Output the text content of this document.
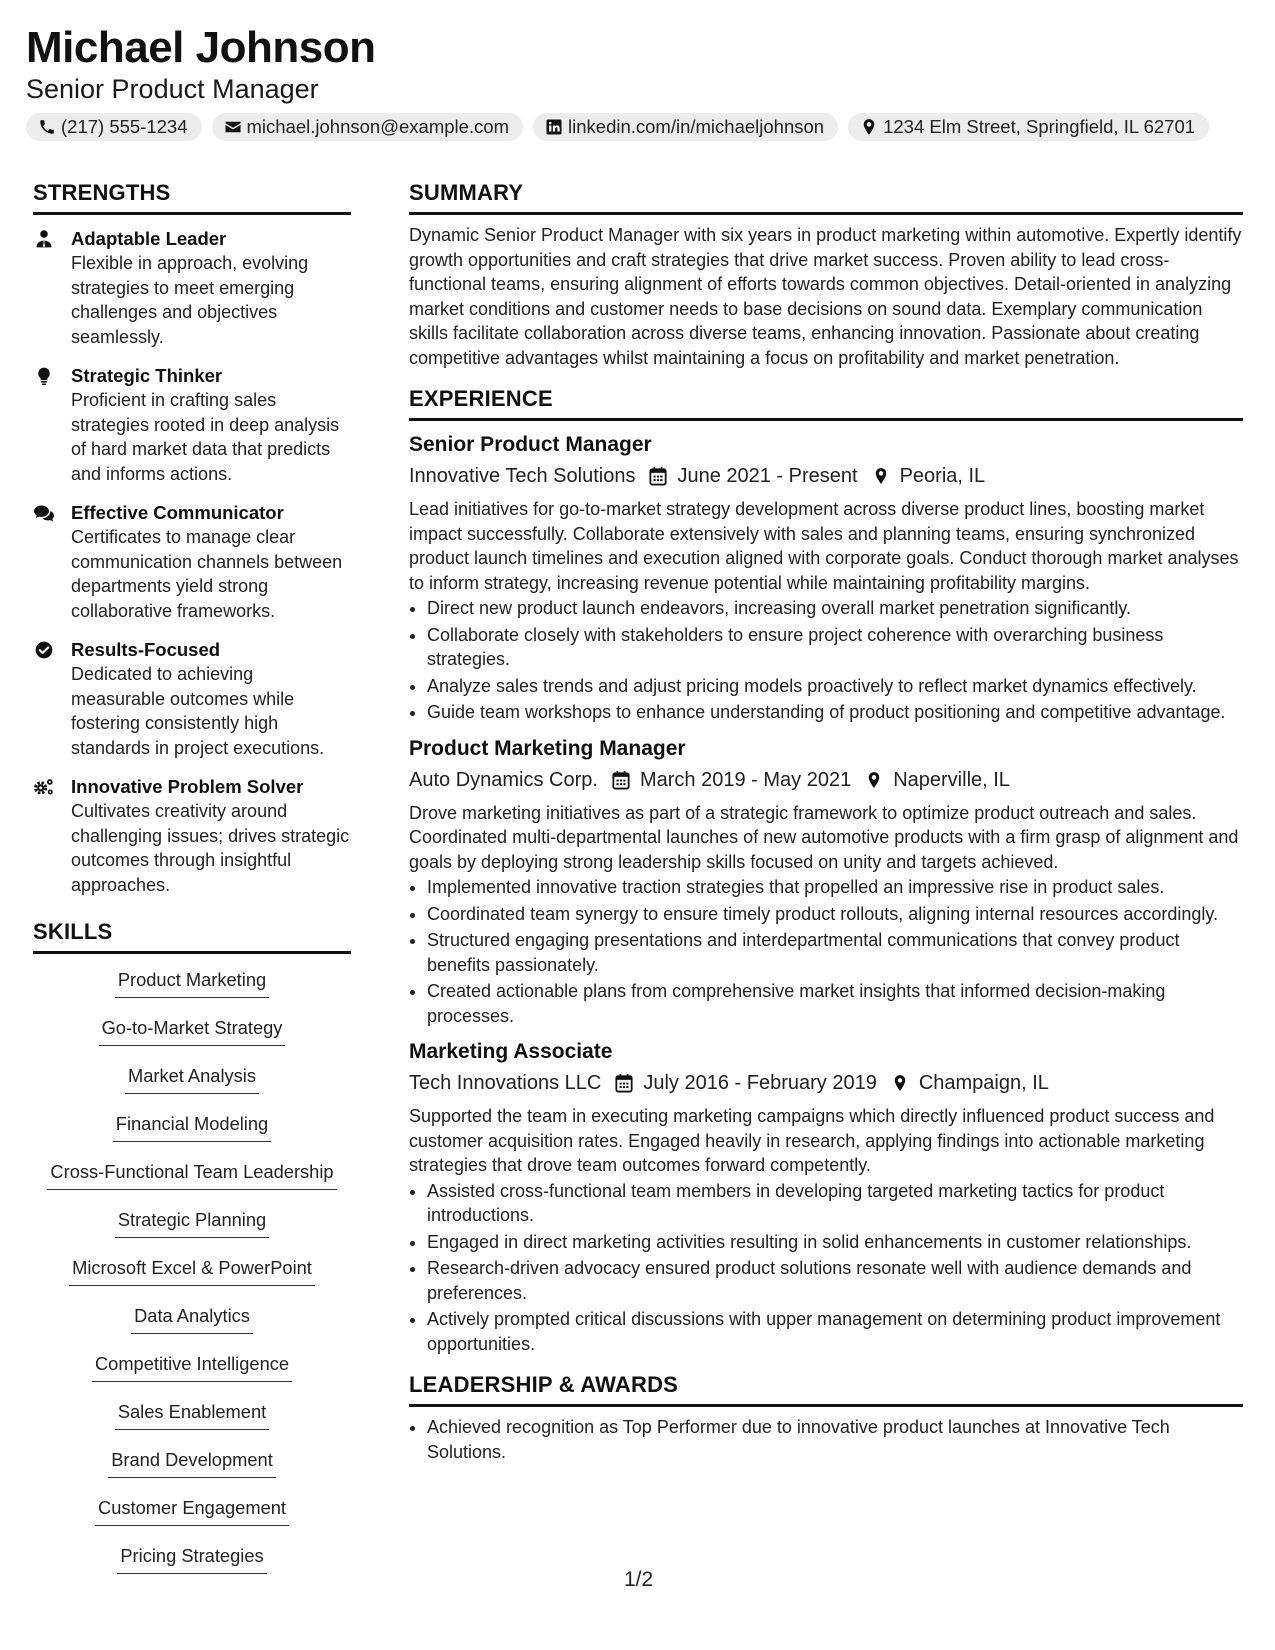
Michael Johnson
Senior Product Manager
(217) 555-1234	michael.johnson@example.com	linkedin.com/in/michaeljohnson	1234 Elm Street, Springfield, IL 62701
STRENGTHS
Adaptable Leader
Flexible in approach, evolving strategies to meet emerging challenges and objectives seamlessly.
Strategic Thinker
Proficient in crafting sales strategies rooted in deep analysis of hard market data that predicts and informs actions.
Effective Communicator
Certificates to manage clear communication channels between departments yield strong collaborative frameworks.
Results-Focused
Dedicated to achieving measurable outcomes while fostering consistently high standards in project executions.
Innovative Problem Solver
Cultivates creativity around challenging issues; drives strategic outcomes through insightful approaches.
SKILLS
Product Marketing
Go-to-Market Strategy
Market Analysis
Financial Modeling
Cross-Functional Team Leadership
Strategic Planning
Microsoft Excel & PowerPoint
Data Analytics
Competitive Intelligence
Sales Enablement
Brand Development
Customer Engagement
Pricing Strategies
SUMMARY
Dynamic Senior Product Manager with six years in product marketing within automotive. Expertly identify growth opportunities and craft strategies that drive market success. Proven ability to lead cross-functional teams, ensuring alignment of efforts towards common objectives. Detail-oriented in analyzing market conditions and customer needs to base decisions on sound data. Exemplary communication skills facilitate collaboration across diverse teams, enhancing innovation. Passionate about creating competitive advantages whilst maintaining a focus on profitability and market penetration.
EXPERIENCE
Senior Product Manager
Innovative Tech Solutions June 2021 - Present Peoria, IL
Lead initiatives for go-to-market strategy development across diverse product lines, boosting market impact successfully. Collaborate extensively with sales and planning teams, ensuring synchronized product launch timelines and execution aligned with corporate goals. Conduct thorough market analyses to inform strategy, increasing revenue potential while maintaining profitability margins.
• Direct new product launch endeavors, increasing overall market penetration significantly.
• Collaborate closely with stakeholders to ensure project coherence with overarching business strategies.
• Analyze sales trends and adjust pricing models proactively to reflect market dynamics effectively.
• Guide team workshops to enhance understanding of product positioning and competitive advantage.
Product Marketing Manager
Auto Dynamics Corp. March 2019 - May 2021 Naperville, IL
Drove marketing initiatives as part of a strategic framework to optimize product outreach and sales. Coordinated multi-departmental launches of new automotive products with a firm grasp of alignment and goals by deploying strong leadership skills focused on unity and targets achieved.
• Implemented innovative traction strategies that propelled an impressive rise in product sales.
• Coordinated team synergy to ensure timely product rollouts, aligning internal resources accordingly.
• Structured engaging presentations and interdepartmental communications that convey product benefits passionately.
• Created actionable plans from comprehensive market insights that informed decision-making processes.
Marketing Associate
Tech Innovations LLC July 2016 - February 2019 Champaign, IL
Supported the team in executing marketing campaigns which directly influenced product success and customer acquisition rates. Engaged heavily in research, applying findings into actionable marketing strategies that drove team outcomes forward competently.
• Assisted cross-functional team members in developing targeted marketing tactics for product introductions.
• Engaged in direct marketing activities resulting in solid enhancements in customer relationships.
• Research-driven advocacy ensured product solutions resonate well with audience demands and preferences.
• Actively prompted critical discussions with upper management on determining product improvement opportunities.
LEADERSHIP & AWARDS
• Achieved recognition as Top Performer due to innovative product launches at Innovative Tech Solutions.
1/2
